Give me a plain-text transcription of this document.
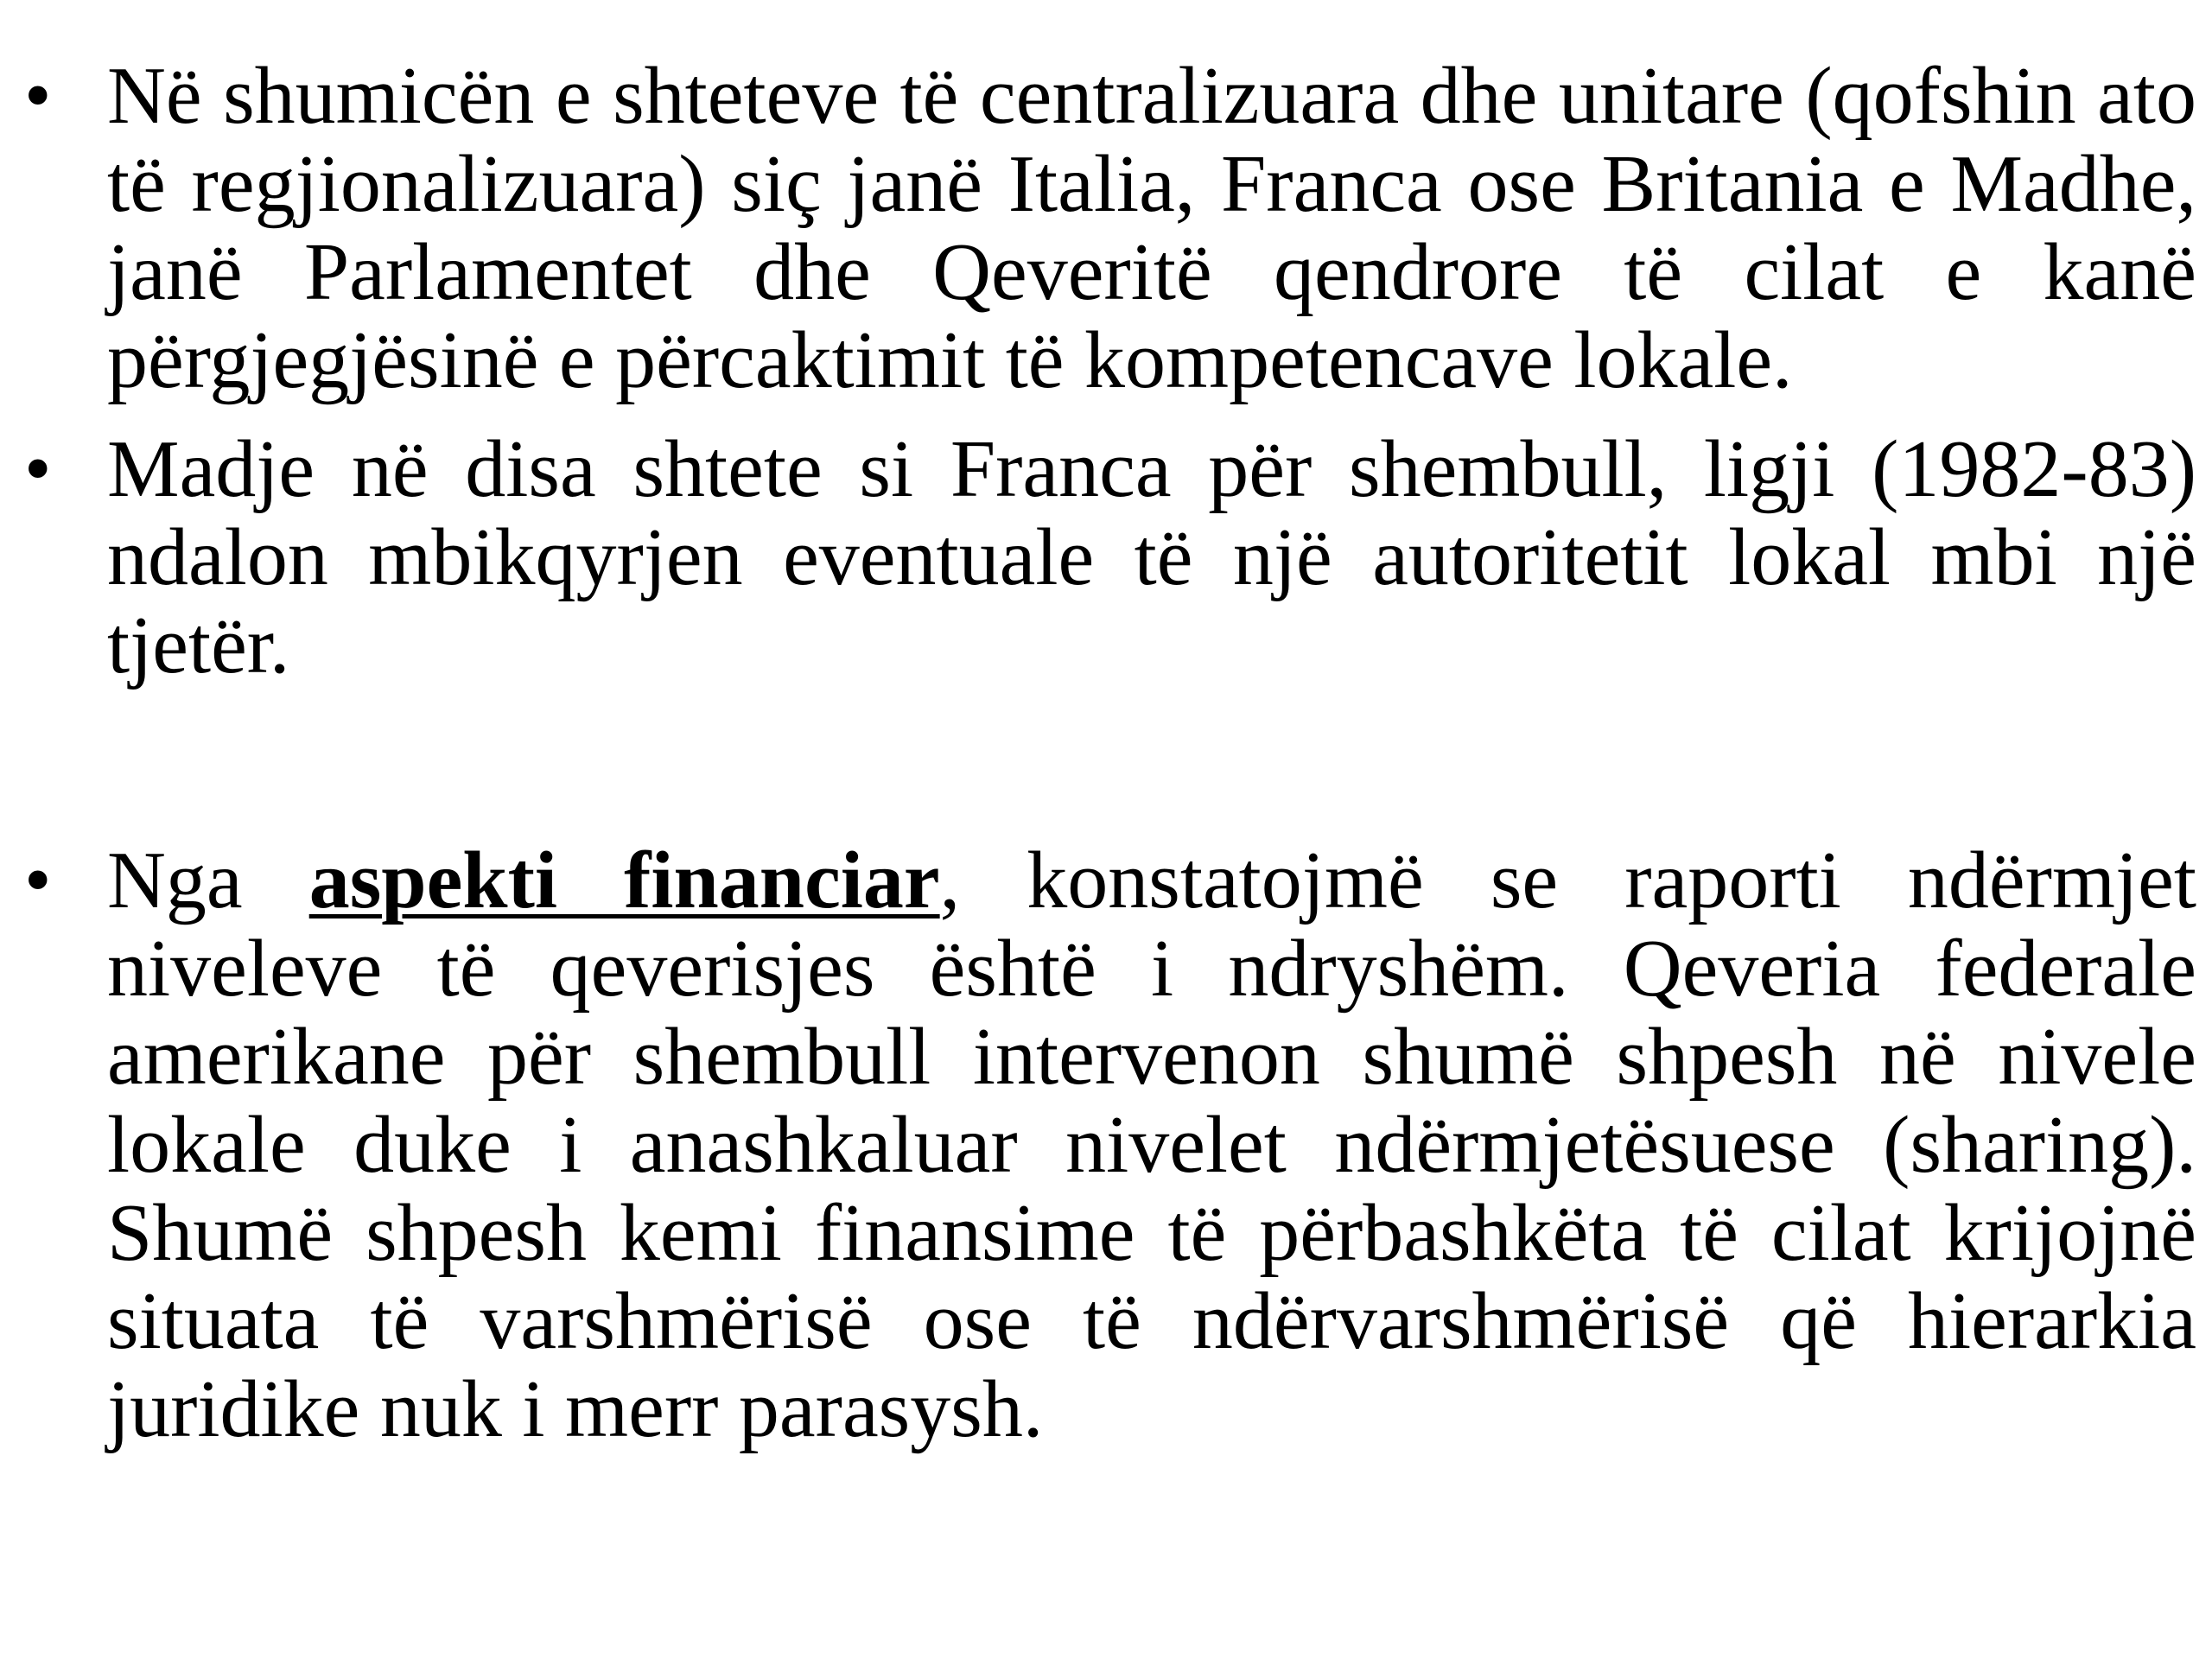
• Në shumicën e shteteve të centralizuara dhe unitare (qofshin ato të regjionalizuara) siç janë Italia, Franca ose Britania e Madhe, janë Parlamentet dhe Qeveritë qendrore të cilat e kanë përgjegjësinë e përcaktimit të kompetencave lokale.
• Madje në disa shtete si Franca për shembull, ligji (1982-83) ndalon mbikqyrjen eventuale të një autoritetit lokal mbi një tjetër.
• Nga aspekti financiar, konstatojmë se raporti ndërmjet niveleve të qeverisjes është i ndryshëm. Qeveria federale amerikane për shembull intervenon shumë shpesh në nivele lokale duke i anashkaluar nivelet ndërmjetësuese (sharing). Shumë shpesh kemi finansime të përbashkëta të cilat krijojnë situata të varshmërisë ose të ndërvarshmërisë që hierarkia juridike nuk i merr parasysh.
